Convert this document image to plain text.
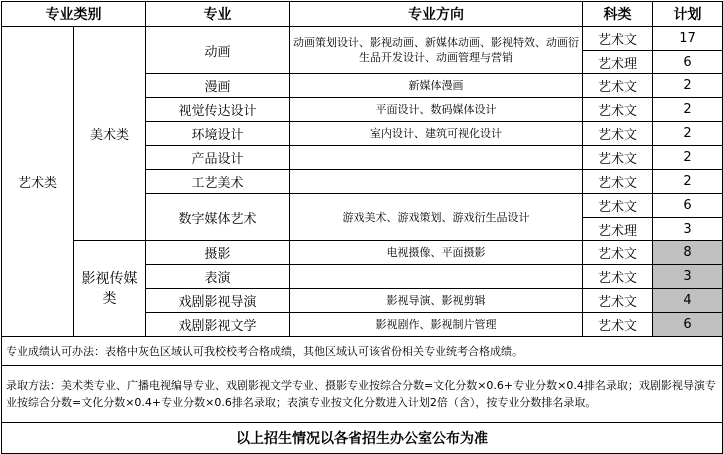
专业类别		专业	专业方向	科类	计划
艺术类	美术类	动画	动画策划设计、影视动画、新媒体动画、影视特效、动画衍生品开发设计、动画管理与营销	艺术文	17
				艺术理	6
		漫画	新媒体漫画	艺术文	2
		视觉传达设计	平面设计、数码媒体设计	艺术文	2
		环境设计	室内设计、建筑可视化设计	艺术文	2
		产品设计		艺术文	2
		工艺美术		艺术文	2
		数字媒体艺术	游戏美术、游戏策划、游戏衍生品设计	艺术文	6
				艺术理	3
	影视传媒类	摄影	电视摄像、平面摄影	艺术文	8
		表演		艺术文	3
		戏剧影视导演	影视导演、影视剪辑	艺术文	4
		戏剧影视文学	影视剧作、影视制片管理	艺术文	6
专业成绩认可办法：表格中灰色区域认可我校校考合格成绩，其他区域认可该省份相关专业统考合格成绩。					
录取方法：美术类专业、广播电视编导专业、戏剧影视文学专业、摄影专业按综合分数=文化分数×0.6+专业分数×0.4排名录取；戏剧影视导演专业按综合分数=文化分数×0.4+专业分数×0.6排名录取；表演专业按文化分数进入计划2倍（含），按专业分数排名录取。					
以上招生情况以各省招生办公室公布为准					
